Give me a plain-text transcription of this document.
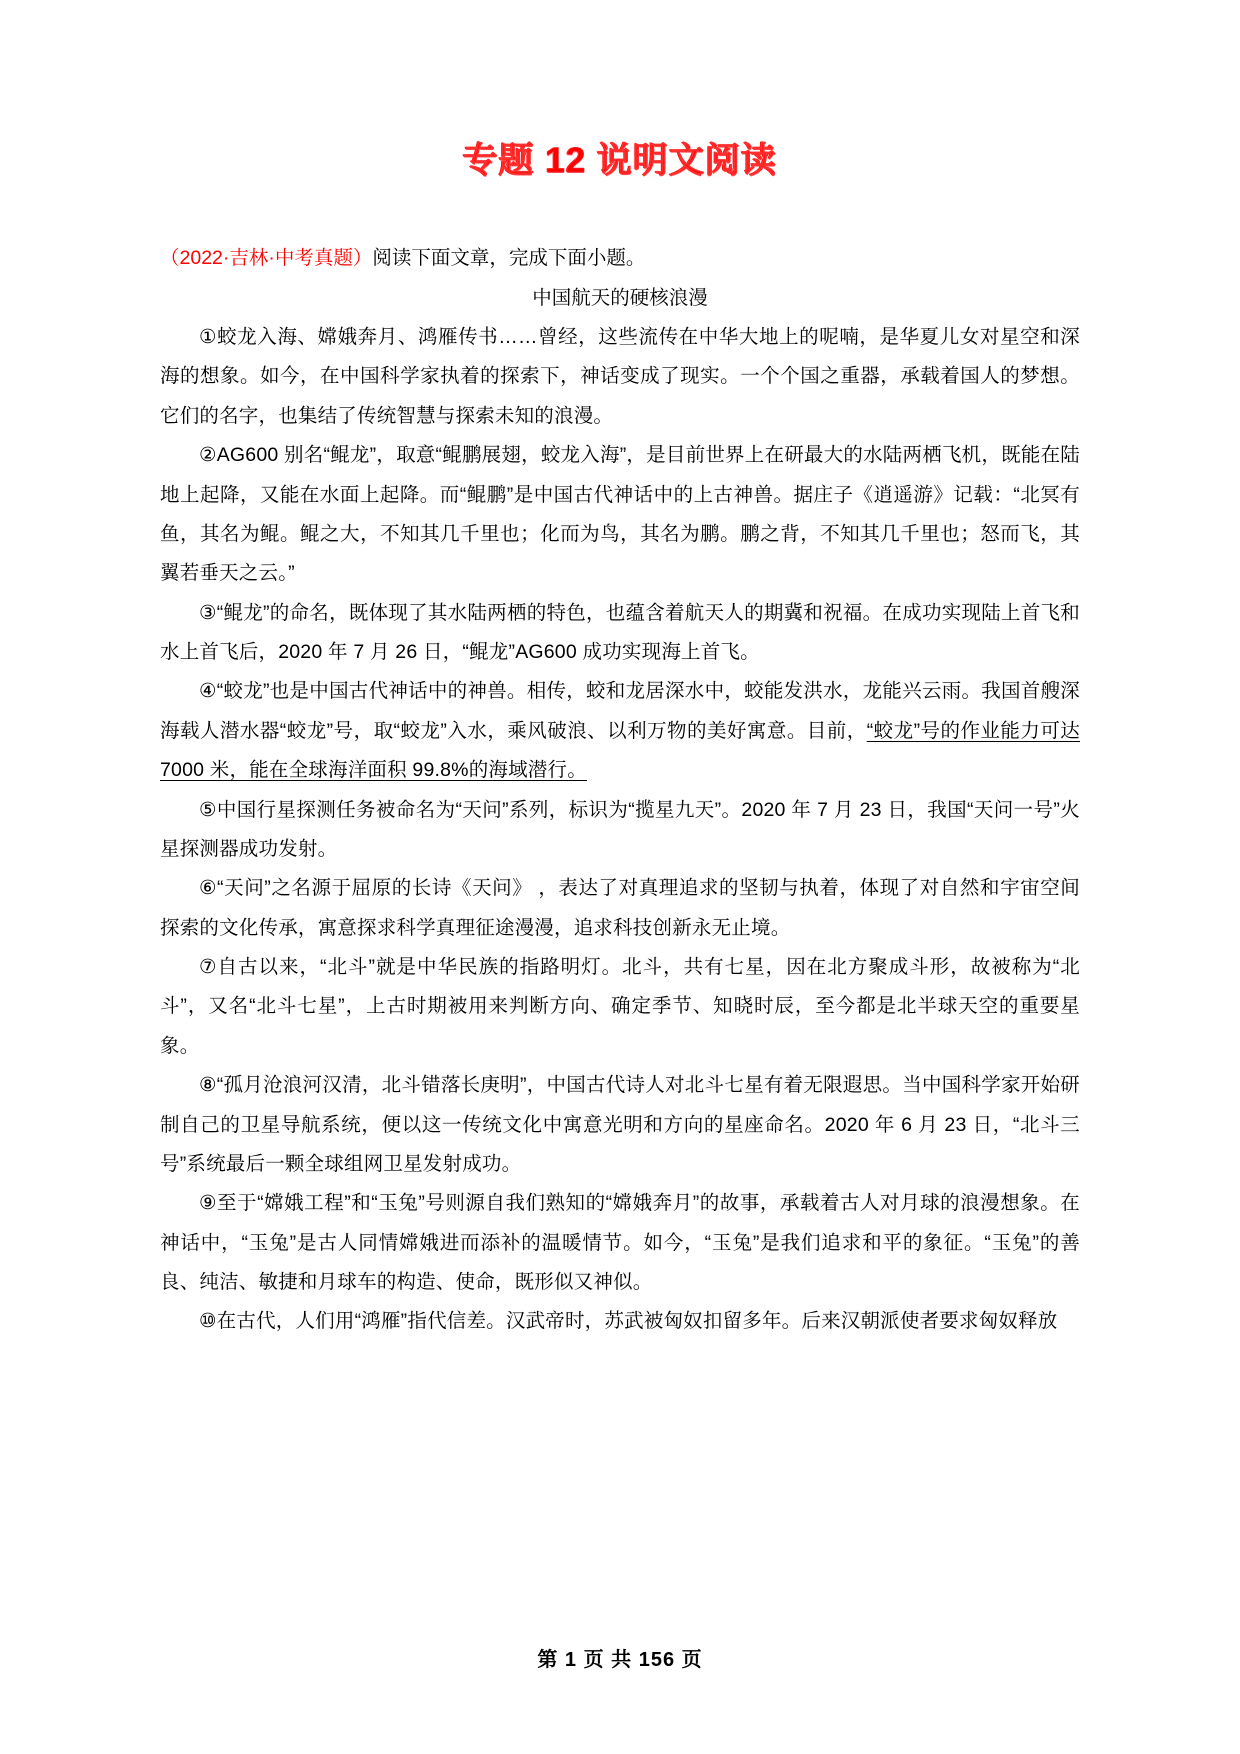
专题 12 说明文阅读

（2022·吉林·中考真题）阅读下面文章，完成下面小题。

中国航天的硬核浪漫

①蛟龙入海、嫦娥奔月、鸿雁传书……曾经，这些流传在中华大地上的呢喃，是华夏儿女对星空和深海的想象。如今，在中国科学家执着的探索下，神话变成了现实。一个个国之重器，承载着国人的梦想。它们的名字，也集结了传统智慧与探索未知的浪漫。

②AG600 别名“鲲龙”，取意“鲲鹏展翅，蛟龙入海”，是目前世界上在研最大的水陆两栖飞机，既能在陆地上起降，又能在水面上起降。而“鲲鹏”是中国古代神话中的上古神兽。据庄子《逍遥游》记载：“北冥有鱼，其名为鲲。鲲之大，不知其几千里也；化而为鸟，其名为鹏。鹏之背，不知其几千里也；怒而飞，其翼若垂天之云。”

③“鲲龙”的命名，既体现了其水陆两栖的特色，也蕴含着航天人的期冀和祝福。在成功实现陆上首飞和水上首飞后，2020 年 7 月 26 日，“鲲龙”AG600 成功实现海上首飞。

④“蛟龙”也是中国古代神话中的神兽。相传，蛟和龙居深水中，蛟能发洪水，龙能兴云雨。我国首艘深海载人潜水器“蛟龙”号，取“蛟龙”入水，乘风破浪、以利万物的美好寓意。目前，“蛟龙”号的作业能力可达 7000 米，能在全球海洋面积 99.8%的海域潜行。

⑤中国行星探测任务被命名为“天问”系列，标识为“揽星九天”。2020 年 7 月 23 日，我国“天问一号”火星探测器成功发射。

⑥“天问”之名源于屈原的长诗《天问》 ，表达了对真理追求的坚韧与执着，体现了对自然和宇宙空间探索的文化传承，寓意探求科学真理征途漫漫，追求科技创新永无止境。

⑦自古以来，“北斗”就是中华民族的指路明灯。北斗，共有七星，因在北方聚成斗形，故被称为“北斗”，又名“北斗七星”，上古时期被用来判断方向、确定季节、知晓时辰，至今都是北半球天空的重要星象。

⑧“孤月沧浪河汉清，北斗错落长庚明”，中国古代诗人对北斗七星有着无限遐思。当中国科学家开始研制自己的卫星导航系统，便以这一传统文化中寓意光明和方向的星座命名。2020 年 6 月 23 日，“北斗三号”系统最后一颗全球组网卫星发射成功。

⑨至于“嫦娥工程”和“玉兔”号则源自我们熟知的“嫦娥奔月”的故事，承载着古人对月球的浪漫想象。在神话中，“玉兔”是古人同情嫦娥进而添补的温暖情节。如今，“玉兔”是我们追求和平的象征。“玉兔”的善良、纯洁、敏捷和月球车的构造、使命，既形似又神似。

⑩在古代，人们用“鸿雁”指代信差。汉武帝时，苏武被匈奴扣留多年。后来汉朝派使者要求匈奴释放

第 1 页 共 156 页
